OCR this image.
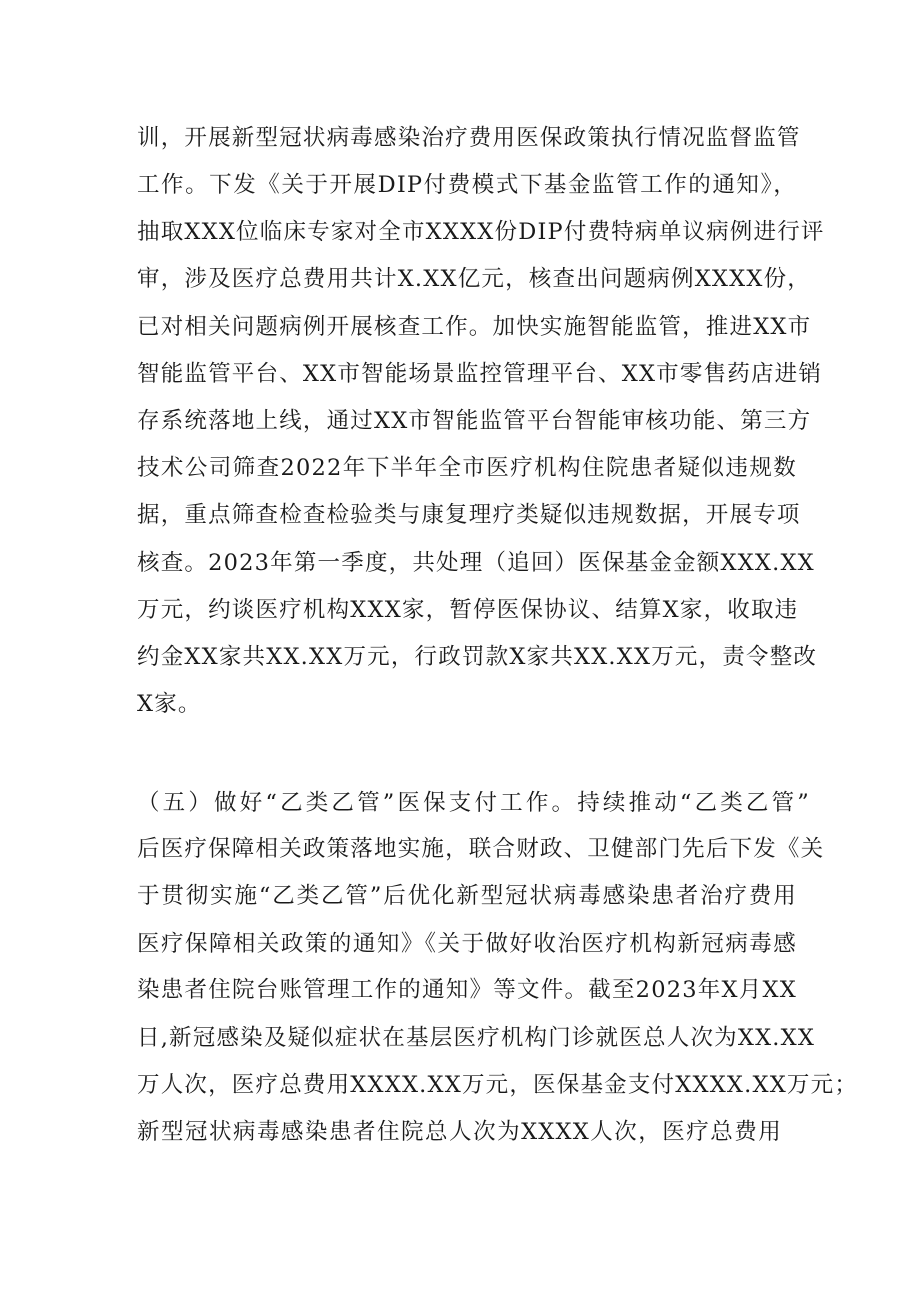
训，开展新型冠状病毒感染治疗费用医保政策执行情况监督监管
工作。下发《关于开展DIP付费模式下基金监管工作的通知》，
抽取XXX位临床专家对全市XXXX份DIP付费特病单议病例进行评
审，涉及医疗总费用共计X.XX亿元，核查出问题病例XXXX份，
已对相关问题病例开展核查工作。加快实施智能监管，推进XX市
智能监管平台、XX市智能场景监控管理平台、XX市零售药店进销
存系统落地上线，通过XX市智能监管平台智能审核功能、第三方
技术公司筛查2022年下半年全市医疗机构住院患者疑似违规数
据，重点筛查检查检验类与康复理疗类疑似违规数据，开展专项
核查。2023年第一季度，共处理（追回）医保基金金额XXX.XX
万元，约谈医疗机构XXX家，暂停医保协议、结算X家，收取违
约金XX家共XX.XX万元，行政罚款X家共XX.XX万元，责令整改
X家。
（五）做好“乙类乙管”医保支付工作。持续推动“乙类乙管”
后医疗保障相关政策落地实施，联合财政、卫健部门先后下发《关
于贯彻实施“乙类乙管”后优化新型冠状病毒感染患者治疗费用
医疗保障相关政策的通知》《关于做好收治医疗机构新冠病毒感
染患者住院台账管理工作的通知》等文件。截至2023年X月XX
日,新冠感染及疑似症状在基层医疗机构门诊就医总人次为XX.XX
万人次，医疗总费用XXXX.XX万元，医保基金支付XXXX.XX万元；
新型冠状病毒感染患者住院总人次为XXXX人次，医疗总费用
